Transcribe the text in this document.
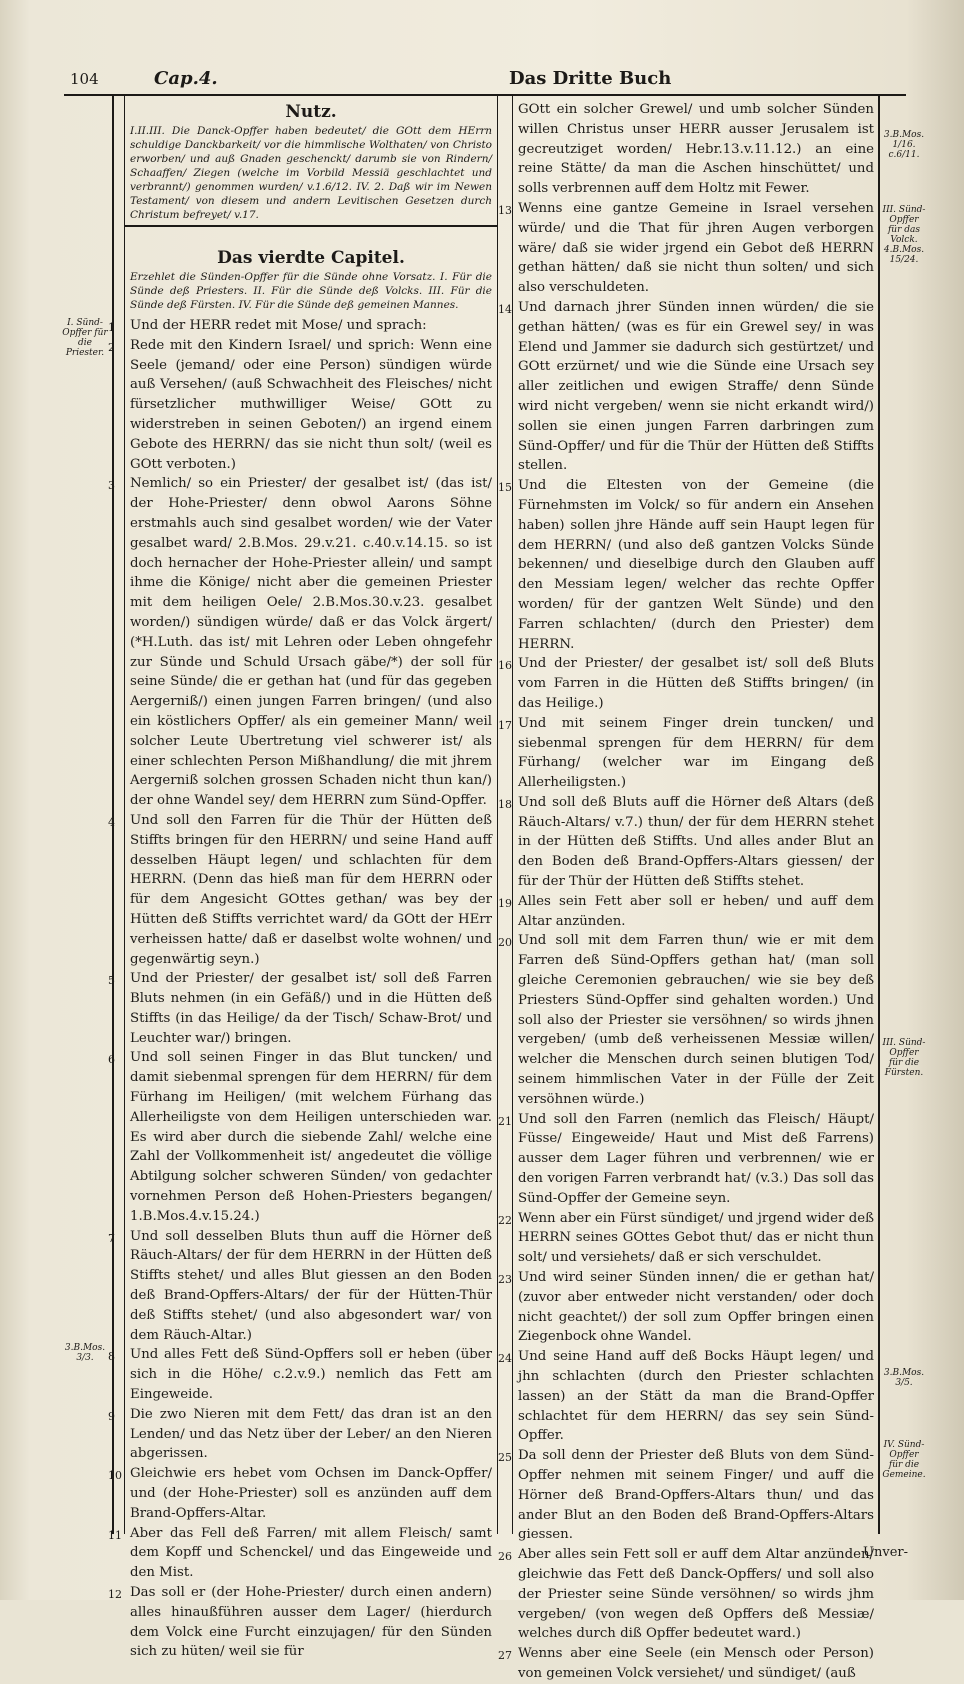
104	Cap.4.	Das Dritte Buch
I. Sünd-Opffer für die Priester.
3.B.Mos. 3/3.
3.B.Mos. 1/16. c.6/11.
III. Sünd-Opffer für das Volck. 4.B.Mos. 15/24.
III. Sünd-Opffer für die Fürsten.
3.B.Mos. 3/5.
IV. Sünd-Opffer für die Gemeine.
Nutz.

I.II.III. Die Danck-Opffer haben bedeutet/ die GOtt dem HErrn schuldige Danckbarkeit/ vor die himmlische Wolthaten/ von Christo erworben/ und auß Gnaden geschenckt/ darumb sie von Rindern/ Schaaffen/ Ziegen (welche im Vorbild Messiä geschlachtet und verbrannt/) genommen wurden/ v.1.6/12. IV. 2. Daß wir im Newen Testament/ von diesem und andern Levitischen Gesetzen durch Christum befreyet/ v.17.

Das vierdte Capitel.

Erzehlet die Sünden-Opffer für die Sünde ohne Vorsatz. I. Für die Sünde deß Priesters. II. Für die Sünde deß Volcks. III. Für die Sünde deß Fürsten. IV. Für die Sünde deß gemeinen Mannes.

1 Und der HERR redet mit Mose/ und sprach:

2 Rede mit den Kindern Israel/ und sprich: Wenn eine Seele (jemand/ oder eine Person) sündigen würde auß Versehen/ (auß Schwachheit des Fleisches/ nicht fürsetzlicher muthwilliger Weise/ GOtt zu widerstreben in seinen Geboten/) an irgend einem Gebote des HERRN/ das sie nicht thun solt/ (weil es GOtt verboten.)

3 Nemlich/ so ein Priester/ der gesalbet ist/ (das ist/ der Hohe-Priester/ denn obwol Aarons Söhne erstmahls auch sind gesalbet worden/ wie der Vater gesalbet ward/ 2.B.Mos. 29.v.21. c.40.v.14.15. so ist doch hernacher der Hohe-Priester allein/ und sampt ihme die Könige/ nicht aber die gemeinen Priester mit dem heiligen Oele/ 2.B.Mos.30.v.23. gesalbet worden/) sündigen würde/ daß er das Volck ärgert/ (*H.Luth. das ist/ mit Lehren oder Leben ohngefehr zur Sünde und Schuld Ursach gäbe/*) der soll für seine Sünde/ die er gethan hat (und für das gegeben Aergerniß/) einen jungen Farren bringen/ (und also ein köstlichers Opffer/ als ein gemeiner Mann/ weil solcher Leute Ubertretung viel schwerer ist/ als einer schlechten Person Mißhandlung/ die mit jhrem Aergerniß solchen grossen Schaden nicht thun kan/) der ohne Wandel sey/ dem HERRN zum Sünd-Opffer.

4 Und soll den Farren für die Thür der Hütten deß Stiffts bringen für den HERRN/ und seine Hand auff desselben Häupt legen/ und schlachten für dem HERRN. (Denn das hieß man für dem HERRN oder für dem Angesicht GOttes gethan/ was bey der Hütten deß Stiffts verrichtet ward/ da GOtt der HErr verheissen hatte/ daß er daselbst wolte wohnen/ und gegenwärtig seyn.)

5 Und der Priester/ der gesalbet ist/ soll deß Farren Bluts nehmen (in ein Gefäß/) und in die Hütten deß Stiffts (in das Heilige/ da der Tisch/ Schaw-Brot/ und Leuchter war/) bringen.

6 Und soll seinen Finger in das Blut tuncken/ und damit siebenmal sprengen für dem HERRN/ für dem Fürhang im Heiligen/ (mit welchem Fürhang das Allerheiligste von dem Heiligen unterschieden war. Es wird aber durch die siebende Zahl/ welche eine Zahl der Vollkommenheit ist/ angedeutet die völlige Abtilgung solcher schweren Sünden/ von gedachter vornehmen Person deß Hohen-Priesters begangen/ 1.B.Mos.4.v.15.24.)

7 Und soll desselben Bluts thun auff die Hörner deß Räuch-Altars/ der für dem HERRN in der Hütten deß Stiffts stehet/ und alles Blut giessen an den Boden deß Brand-Opffers-Altars/ der für der Hütten-Thür deß Stiffts stehet/ (und also abgesondert war/ von dem Räuch-Altar.)

8 Und alles Fett deß Sünd-Opffers soll er heben (über sich in die Höhe/ c.2.v.9.) nemlich das Fett am Eingeweide.

9 Die zwo Nieren mit dem Fett/ das dran ist an den Lenden/ und das Netz über der Leber/ an den Nieren abgerissen.

10 Gleichwie ers hebet vom Ochsen im Danck-Opffer/ und (der Hohe-Priester) soll es anzünden auff dem Brand-Opffers-Altar.

11 Aber das Fell deß Farren/ mit allem Fleisch/ samt dem Kopff und Schenckel/ und das Eingeweide und den Mist.

12 Das soll er (der Hohe-Priester/ durch einen andern) alles hinaußführen ausser dem Lager/ (hierdurch dem Volck eine Furcht einzujagen/ für den Sünden sich zu hüten/ weil sie für

GOtt ein solcher Grewel/ und umb solcher Sünden willen Christus unser HERR ausser Jerusalem ist gecreutziget worden/ Hebr.13.v.11.12.) an eine reine Stätte/ da man die Aschen hinschüttet/ und solls verbrennen auff dem Holtz mit Fewer.

13 Wenns eine gantze Gemeine in Israel versehen würde/ und die That für jhren Augen verborgen wäre/ daß sie wider jrgend ein Gebot deß HERRN gethan hätten/ daß sie nicht thun solten/ und sich also verschuldeten.

14 Und darnach jhrer Sünden innen würden/ die sie gethan hätten/ (was es für ein Grewel sey/ in was Elend und Jammer sie dadurch sich gestürtzet/ und GOtt erzürnet/ und wie die Sünde eine Ursach sey aller zeitlichen und ewigen Straffe/ denn Sünde wird nicht vergeben/ wenn sie nicht erkandt wird/) sollen sie einen jungen Farren darbringen zum Sünd-Opffer/ und für die Thür der Hütten deß Stiffts stellen.

15 Und die Eltesten von der Gemeine (die Fürnehmsten im Volck/ so für andern ein Ansehen haben) sollen jhre Hände auff sein Haupt legen für dem HERRN/ (und also deß gantzen Volcks Sünde bekennen/ und dieselbige durch den Glauben auff den Messiam legen/ welcher das rechte Opffer worden/ für der gantzen Welt Sünde) und den Farren schlachten/ (durch den Priester) dem HERRN.

16 Und der Priester/ der gesalbet ist/ soll deß Bluts vom Farren in die Hütten deß Stiffts bringen/ (in das Heilige.)

17 Und mit seinem Finger drein tuncken/ und siebenmal sprengen für dem HERRN/ für dem Fürhang/ (welcher war im Eingang deß Allerheiligsten.)

18 Und soll deß Bluts auff die Hörner deß Altars (deß Räuch-Altars/ v.7.) thun/ der für dem HERRN stehet in der Hütten deß Stiffts. Und alles ander Blut an den Boden deß Brand-Opffers-Altars giessen/ der für der Thür der Hütten deß Stiffts stehet.

19 Alles sein Fett aber soll er heben/ und auff dem Altar anzünden.

20 Und soll mit dem Farren thun/ wie er mit dem Farren deß Sünd-Opffers gethan hat/ (man soll gleiche Ceremonien gebrauchen/ wie sie bey deß Priesters Sünd-Opffer sind gehalten worden.) Und soll also der Priester sie versöhnen/ so wirds jhnen vergeben/ (umb deß verheissenen Messiæ willen/ welcher die Menschen durch seinen blutigen Tod/ seinem himmlischen Vater in der Fülle der Zeit versöhnen würde.)

21 Und soll den Farren (nemlich das Fleisch/ Häupt/ Füsse/ Eingeweide/ Haut und Mist deß Farrens) ausser dem Lager führen und verbrennen/ wie er den vorigen Farren verbrandt hat/ (v.3.) Das soll das Sünd-Opffer der Gemeine seyn.

22 Wenn aber ein Fürst sündiget/ und jrgend wider deß HERRN seines GOttes Gebot thut/ das er nicht thun solt/ und versiehets/ daß er sich verschuldet.

23 Und wird seiner Sünden innen/ die er gethan hat/ (zuvor aber entweder nicht verstanden/ oder doch nicht geachtet/) der soll zum Opffer bringen einen Ziegenbock ohne Wandel.

24 Und seine Hand auff deß Bocks Häupt legen/ und jhn schlachten (durch den Priester schlachten lassen) an der Stätt da man die Brand-Opffer schlachtet für dem HERRN/ das sey sein Sünd-Opffer.

25 Da soll denn der Priester deß Bluts von dem Sünd-Opffer nehmen mit seinem Finger/ und auff die Hörner deß Brand-Opffers-Altars thun/ und das ander Blut an den Boden deß Brand-Opffers-Altars giessen.

26 Aber alles sein Fett soll er auff dem Altar anzünden/ gleichwie das Fett deß Danck-Opffers/ und soll also der Priester seine Sünde versöhnen/ so wirds jhm vergeben/ (von wegen deß Opffers deß Messiæ/ welches durch diß Opffer bedeutet ward.)

27 Wenns aber eine Seele (ein Mensch oder Person) von gemeinen Volck versiehet/ und sündiget/ (auß

Unver-
